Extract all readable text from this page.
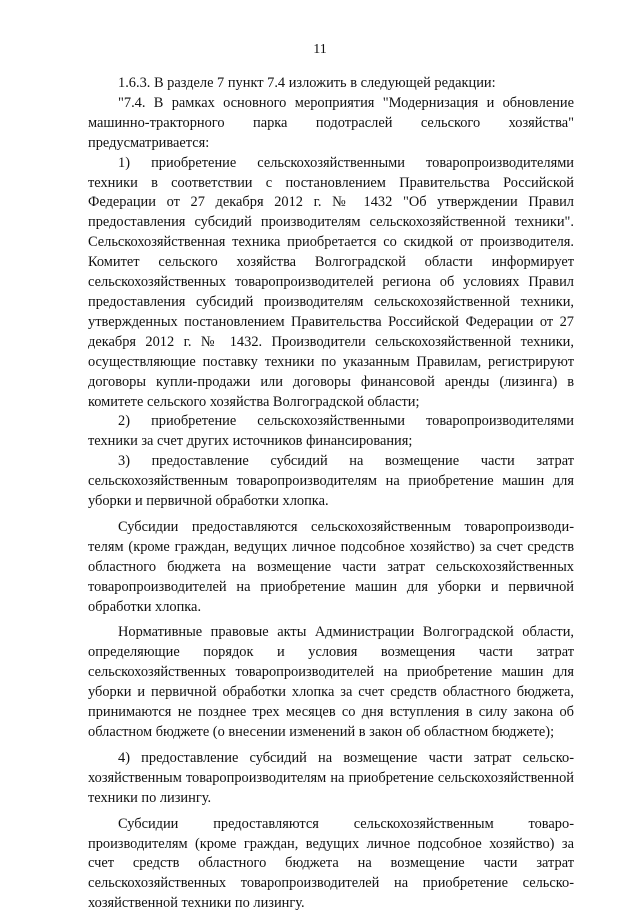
11

1.6.3. В разделе 7 пункт 7.4 изложить в следующей редакции:

"7.4. В рамках основного мероприятия "Модернизация и обновление машинно-тракторного парка подотраслей сельского хозяйства" предусматривается:

1) приобретение сельскохозяйственными товаропроизводителями техники в соответствии с постановлением Правительства Российской Федерации от 27 декабря 2012 г. № 1432 "Об утверждении Правил предоставления субсидий производителям сельскохозяйственной техники". Сельскохозяйственная техника приобретается со скидкой от производителя. Комитет сельского хозяйства Волгоградской области информирует сельскохозяйственных товаропроизводителей региона об условиях Правил предоставления субсидий производителям сельскохозяйственной техники, утвержденных постановлением Правительства Российской Федерации от 27 декабря 2012 г. № 1432. Производители сельскохозяйственной техники, осуществляющие поставку техники по указанным Правилам, регистрируют договоры купли-продажи или договоры финансовой аренды (лизинга) в комитете сельского хозяйства Волгоградской области;

2) приобретение сельскохозяйственными товаропроизводителями техники за счет других источников финансирования;

3) предоставление субсидий на возмещение части затрат сельскохозяйственным товаропроизводителям на приобретение машин для уборки и первичной обработки хлопка.

Субсидии предоставляются сельскохозяйственным товаропроизводителям (кроме граждан, ведущих личное подсобное хозяйство) за счет средств областного бюджета на возмещение части затрат сельскохозяйственных товаропроизводителей на приобретение машин для уборки и первичной обработки хлопка.

Нормативные правовые акты Администрации Волгоградской области, определяющие порядок и условия возмещения части затрат сельскохозяйственных товаропроизводителей на приобретение машин для уборки и первичной обработки хлопка за счет средств областного бюджета, принимаются не позднее трех месяцев со дня вступления в силу закона об областном бюджете (о внесении изменений в закон об областном бюджете);

4) предоставление субсидий на возмещение части затрат сельскохозяйственным товаропроизводителям на приобретение сельскохозяйственной техники по лизингу.

Субсидии предоставляются сельскохозяйственным товаропроизводителям (кроме граждан, ведущих личное подсобное хозяйство) за счет средств областного бюджета на возмещение части затрат сельскохозяйственных товаропроизводителей на приобретение сельскохозяйственной техники по лизингу.
